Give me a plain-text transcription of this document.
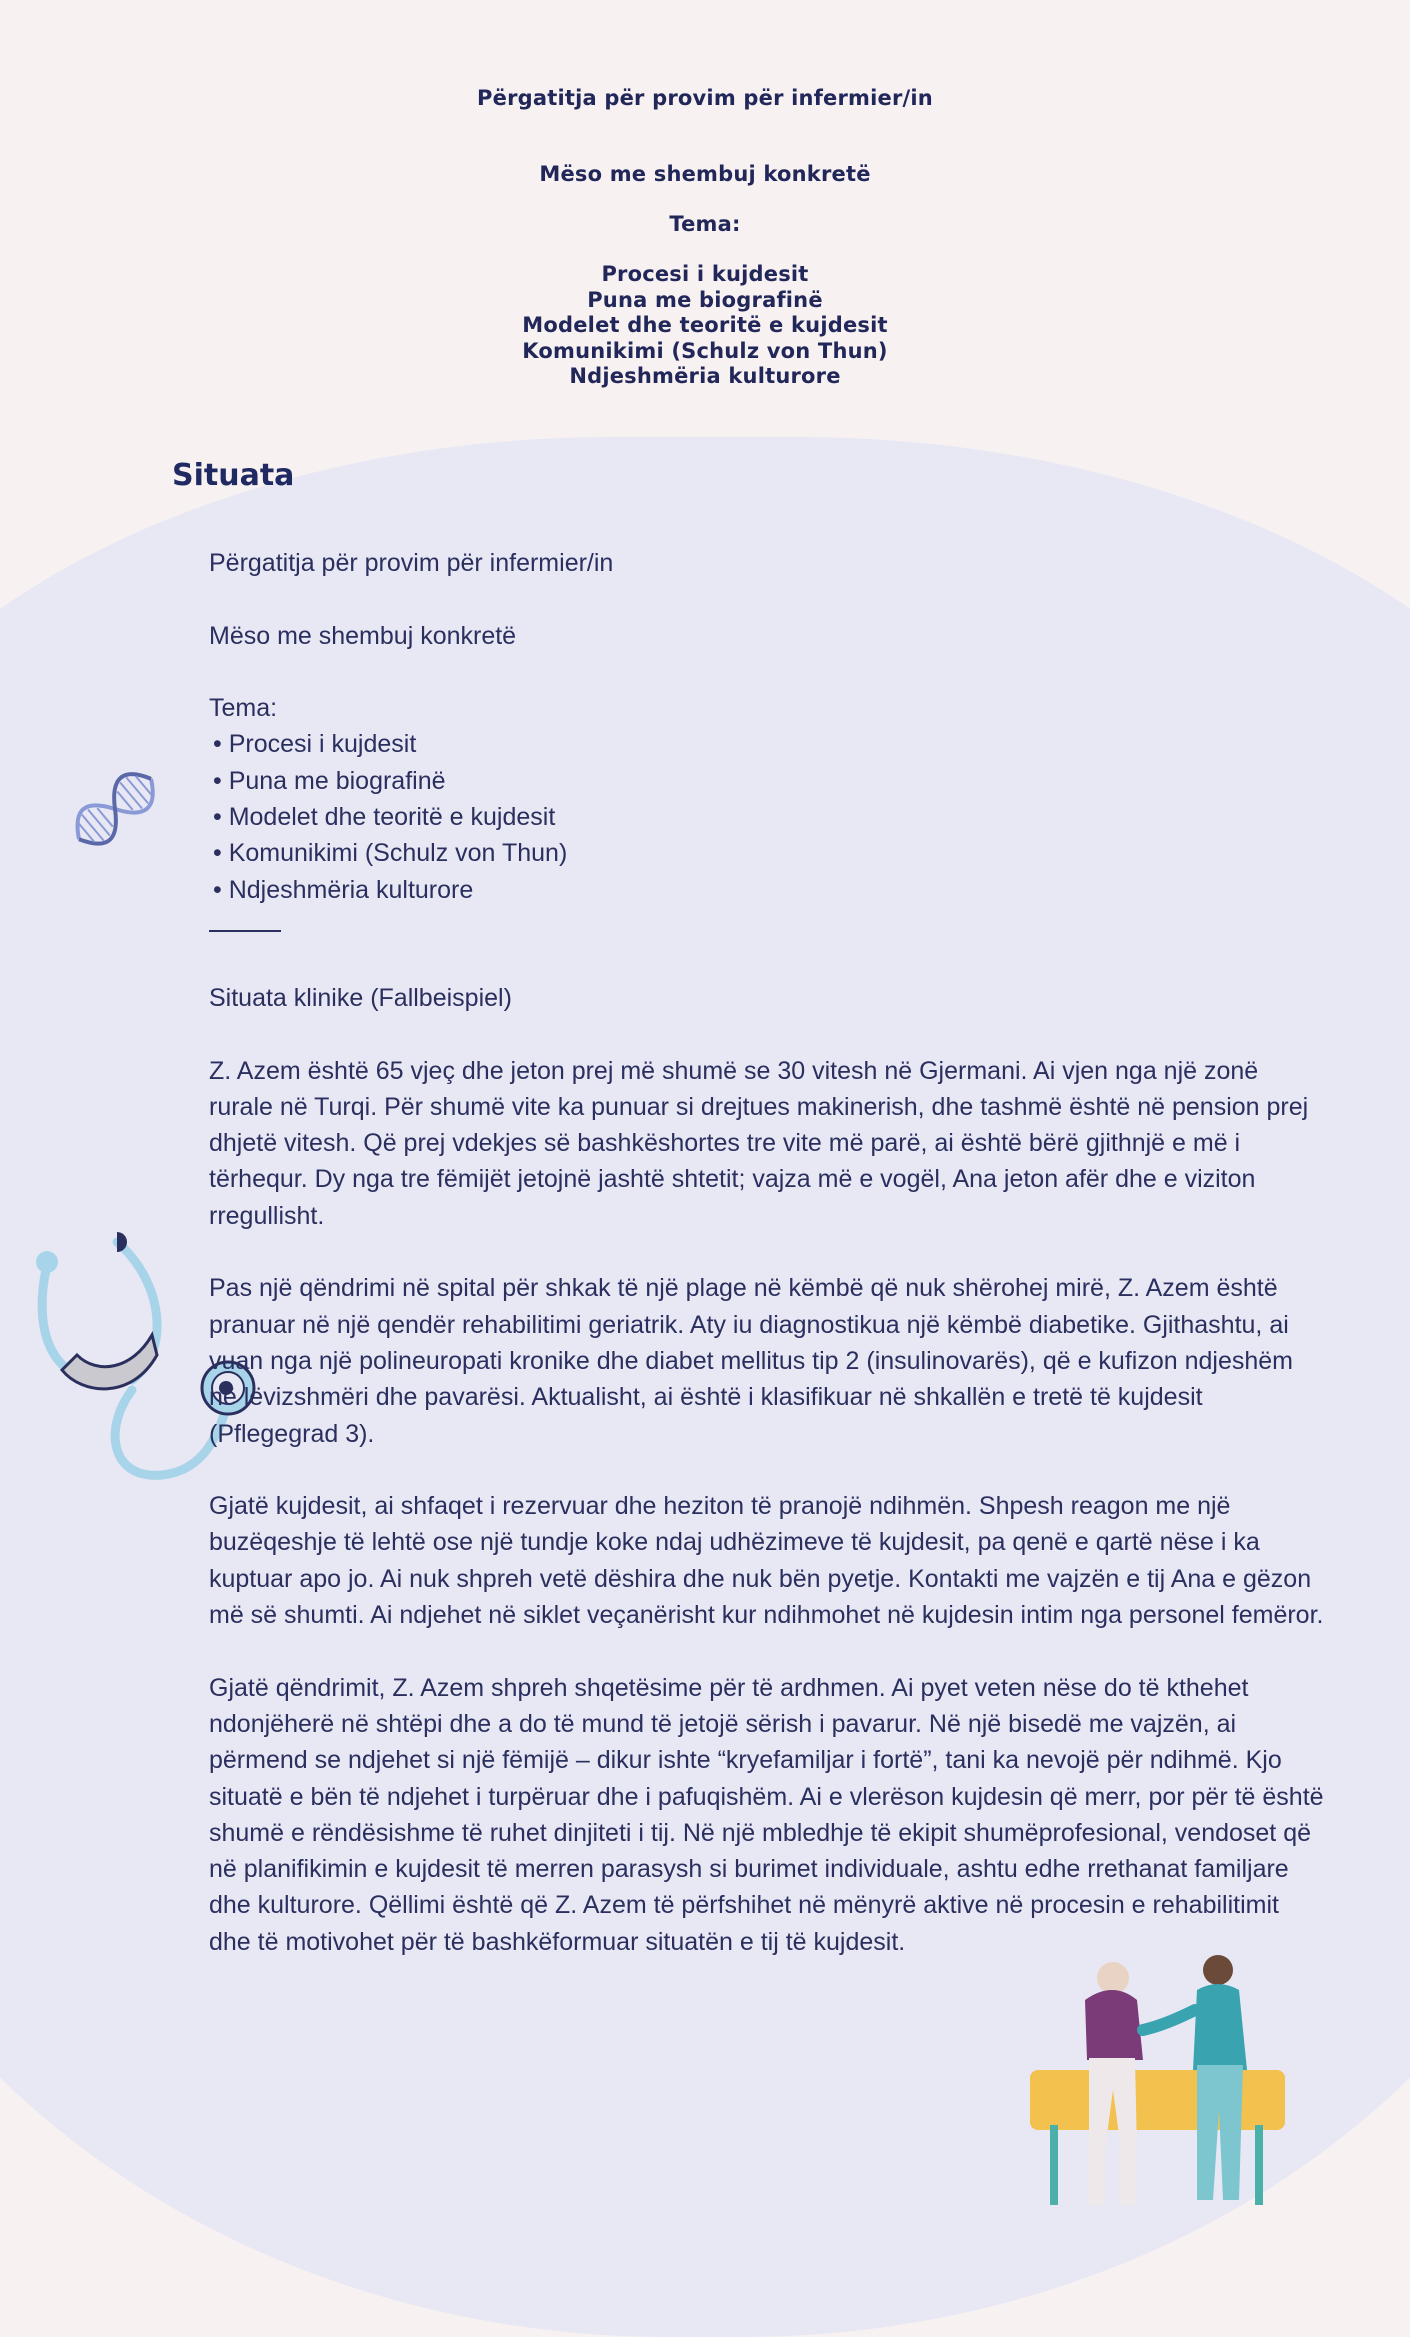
Përgatitja për provim për infermier/in
Mëso me shembuj konkretë
Tema:
Procesi i kujdesit
Puna me biografinë
Modelet dhe teoritë e kujdesit
Komunikimi (Schulz von Thun)
Ndjeshmëria kulturore
Situata

Përgatitja për provim për infermier/in

Mëso me shembuj konkretë

Tema:
• Procesi i kujdesit
• Puna me biografinë
• Modelet dhe teoritë e kujdesit
• Komunikimi (Schulz von Thun)
• Ndjeshmëria kulturore

Situata klinike (Fallbeispiel)

Z. Azem është 65 vjeç dhe jeton prej më shumë se 30 vitesh në Gjermani. Ai vjen nga një zonë rurale në Turqi. Për shumë vite ka punuar si drejtues makinerish, dhe tashmë është në pension prej dhjetë vitesh. Që prej vdekjes së bashkëshortes tre vite më parë, ai është bërë gjithnjë e më i tërhequr. Dy nga tre fëmijët jetojnë jashtë shtetit; vajza më e vogël, Ana jeton afër dhe e viziton rregullisht.

Pas një qëndrimi në spital për shkak të një plage në këmbë që nuk shërohej mirë, Z. Azem është pranuar në një qendër rehabilitimi geriatrik. Aty iu diagnostikua një këmbë diabetike. Gjithashtu, ai vuan nga një polineuropati kronike dhe diabet mellitus tip 2 (insulinovarës), që e kufizon ndjeshëm në lëvizshmëri dhe pavarësi. Aktualisht, ai është i klasifikuar në shkallën e tretë të kujdesit (Pflegegrad 3).

Gjatë kujdesit, ai shfaqet i rezervuar dhe heziton të pranojë ndihmën. Shpesh reagon me një buzëqeshje të lehtë ose një tundje koke ndaj udhëzimeve të kujdesit, pa qenë e qartë nëse i ka kuptuar apo jo. Ai nuk shpreh vetë dëshira dhe nuk bën pyetje. Kontakti me vajzën e tij Ana e gëzon më së shumti. Ai ndjehet në siklet veçanërisht kur ndihmohet në kujdesin intim nga personel femëror.

Gjatë qëndrimit, Z. Azem shpreh shqetësime për të ardhmen. Ai pyet veten nëse do të kthehet ndonjëherë në shtëpi dhe a do të mund të jetojë sërish i pavarur. Në një bisedë me vajzën, ai përmend se ndjehet si një fëmijë – dikur ishte “kryefamiljar i fortë”, tani ka nevojë për ndihmë. Kjo situatë e bën të ndjehet i turpëruar dhe i pafuqishëm. Ai e vlerëson kujdesin që merr, por për të është shumë e rëndësishme të ruhet dinjiteti i tij. Në një mbledhje të ekipit shumëprofesional, vendoset që në planifikimin e kujdesit të merren parasysh si burimet individuale, ashtu edhe rrethanat familjare dhe kulturore. Qëllimi është që Z. Azem të përfshihet në mënyrë aktive në procesin e rehabilitimit dhe të motivohet për të bashkëformuar situatën e tij të kujdesit.
